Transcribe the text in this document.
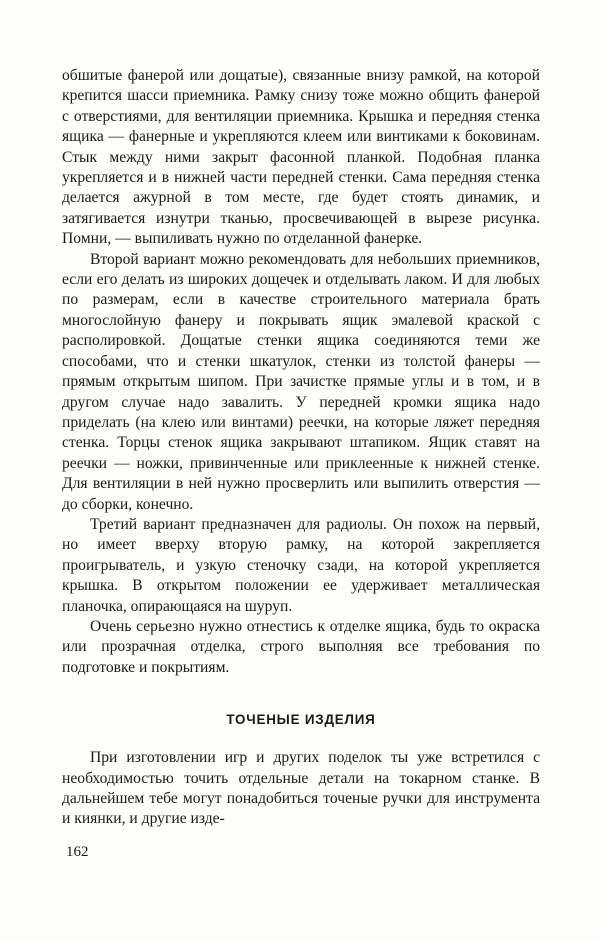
обшитые фанерой или дощатые), связанные внизу рамкой, на которой крепится шасси приемника. Рамку снизу тоже можно общить фанерой с отверстиями, для вентиляции приемника. Крышка и передняя стенка ящика — фанерные и укрепляются клеем или винтиками к боковинам. Стык между ними закрыт фасонной планкой. Подобная планка укрепляется и в нижней части передней стенки. Сама передняя стенка делается ажурной в том месте, где будет стоять динамик, и затягивается изнутри тканью, просвечивающей в вырезе рисунка. Помни, — выпиливать нужно по отделанной фанерке.

Второй вариант можно рекомендовать для небольших приемников, если его делать из широких дощечек и отделывать лаком. И для любых по размерам, если в качестве строительного материала брать многослойную фанеру и покрывать ящик эмалевой краской с располировкой. Дощатые стенки ящика соединяются теми же способами, что и стенки шкатулок, стенки из толстой фанеры — прямым открытым шипом. При зачистке прямые углы и в том, и в другом случае надо завалить. У передней кромки ящика надо приделать (на клею или винтами) реечки, на которые ляжет передняя стенка. Торцы стенок ящика закрывают штапиком. Ящик ставят на реечки — ножки, привинченные или приклеенные к нижней стенке. Для вентиляции в ней нужно просверлить или выпилить отверстия — до сборки, конечно.

Третий вариант предназначен для радиолы. Он похож на первый, но имеет вверху вторую рамку, на которой закрепляется проигрыватель, и узкую стеночку сзади, на которой укрепляется крышка. В открытом положении ее удерживает металлическая планочка, опирающаяся на шуруп.

Очень серьезно нужно отнестись к отделке ящика, будь то окраска или прозрачная отделка, строго выполняя все требования по подготовке и покрытиям.

ТОЧЕНЫЕ ИЗДЕЛИЯ

При изготовлении игр и других поделок ты уже встретился с необходимостью точить отдельные детали на токарном станке. В дальнейшем тебе могут понадобиться точеные ручки для инструмента и киянки, и другие изде-

162
